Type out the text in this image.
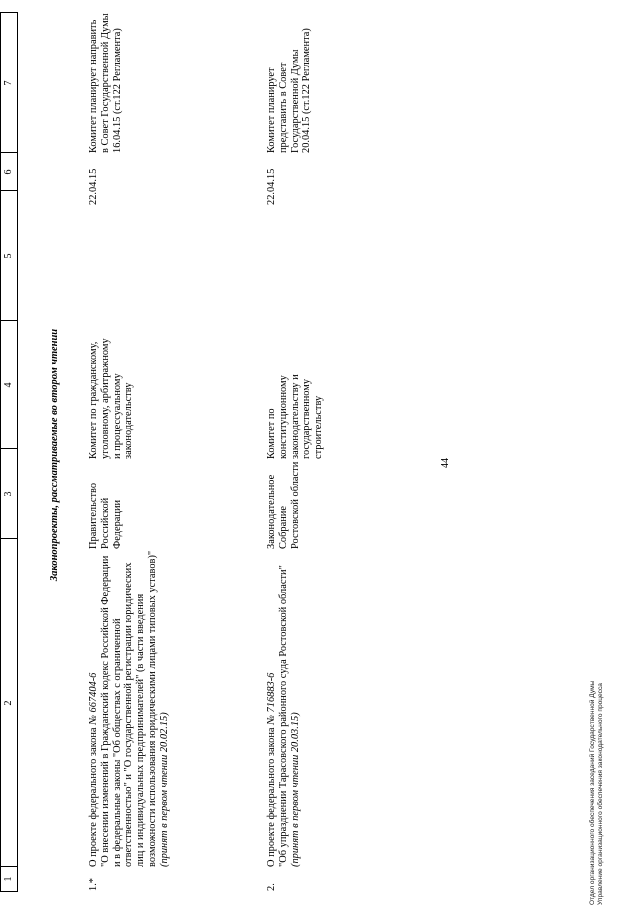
44
1
2
3
4
5
6
7
Законопроекты, рассматриваемые во втором чтении
1.*

О проекте федерального закона № 667404-6 "О внесении изменений в Гражданский кодекс Российской Федерации и в федеральные законы "Об обществах с ограниченной ответственностью" и "О государственной регистрации юридических лиц и индивидуальных предпринимателей" (в части введения возможности использования юридическими лицами типовых уставов)" (принят в первом чтении 20.02.15)

Правительство Российской Федерации
Комитет по гражданскому, уголовному, арбитражному и процессуальному законодательству
22.04.15
Комитет планирует направить в Совет Государственной Думы 16.04.15 (ст.122 Регламента)
2.

О проекте федерального закона № 716883-6 "Об упразднении Тарасовского районного суда Ростовской области" (принят в первом чтении 20.03.15)

Законодательное Собрание Ростовской области
Комитет по конституционному законодательству и государственному строительству
22.04.15
Комитет планирует представить в Совет Государственной Думы 20.04.15 (ст.122 Регламента)
Отдел организационного обеспечения заседаний Государственной Думы Управление организационного обеспечения законодательного процесса
